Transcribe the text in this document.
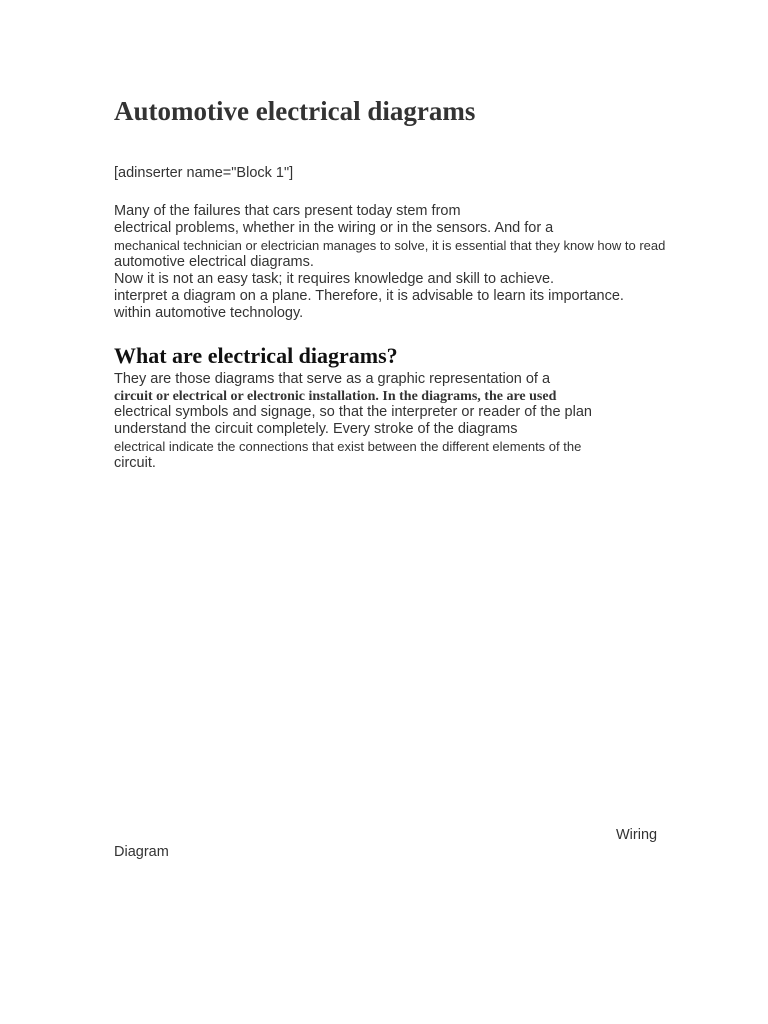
Automotive electrical diagrams
[adinserter name="Block 1"]
Many of the failures that cars present today stem from
electrical problems, whether in the wiring or in the sensors. And for a
mechanical technician or electrician manages to solve, it is essential that they know how to read
automotive electrical diagrams.
Now it is not an easy task; it requires knowledge and skill to achieve.
interpret a diagram on a plane. Therefore, it is advisable to learn its importance.
within automotive technology.
What are electrical diagrams?
They are those diagrams that serve as a graphic representation of a
circuit or electrical or electronic installation. In the diagrams, the are used
electrical symbols and signage, so that the interpreter or reader of the plan
understand the circuit completely. Every stroke of the diagrams
electrical indicate the connections that exist between the different elements of the
circuit.
Wiring
Diagram
